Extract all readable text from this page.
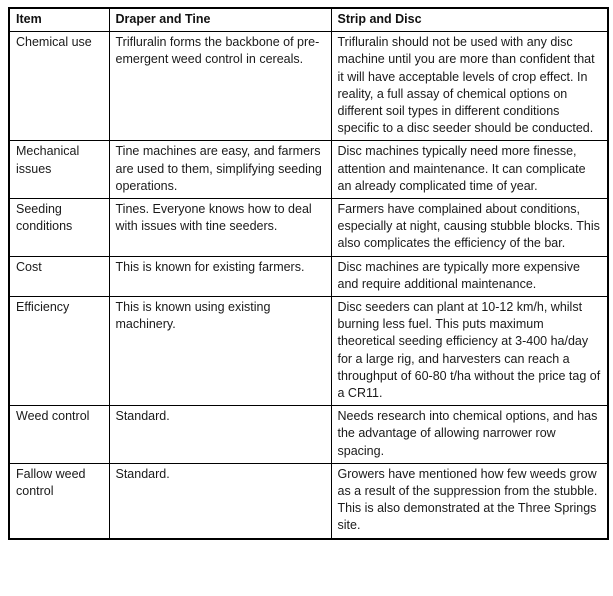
Item	Draper and Tine	Strip and Disc
Chemical use	Trifluralin forms the backbone of pre-emergent weed control in cereals.	Trifluralin should not be used with any disc machine until you are more than confident that it will have acceptable levels of crop effect. In reality, a full assay of chemical options on different soil types in different conditions specific to a disc seeder should be conducted.
Mechanical issues	Tine machines are easy, and farmers are used to them, simplifying seeding operations.	Disc machines typically need more finesse, attention and maintenance. It can complicate an already complicated time of year.
Seeding conditions	Tines. Everyone knows how to deal with issues with tine seeders.	Farmers have complained about conditions, especially at night, causing stubble blocks. This also complicates the efficiency of the bar.
Cost	This is known for existing farmers.	Disc machines are typically more expensive and require additional maintenance.
Efficiency	This is known using existing machinery.	Disc seeders can plant at 10-12 km/h, whilst burning less fuel. This puts maximum theoretical seeding efficiency at 3-400 ha/day for a large rig, and harvesters can reach a throughput of 60-80 t/ha without the price tag of a CR11.
Weed control	Standard.	Needs research into chemical options, and has the advantage of allowing narrower row spacing.
Fallow weed control	Standard.	Growers have mentioned how few weeds grow as a result of the suppression from the stubble. This is also demonstrated at the Three Springs site.
